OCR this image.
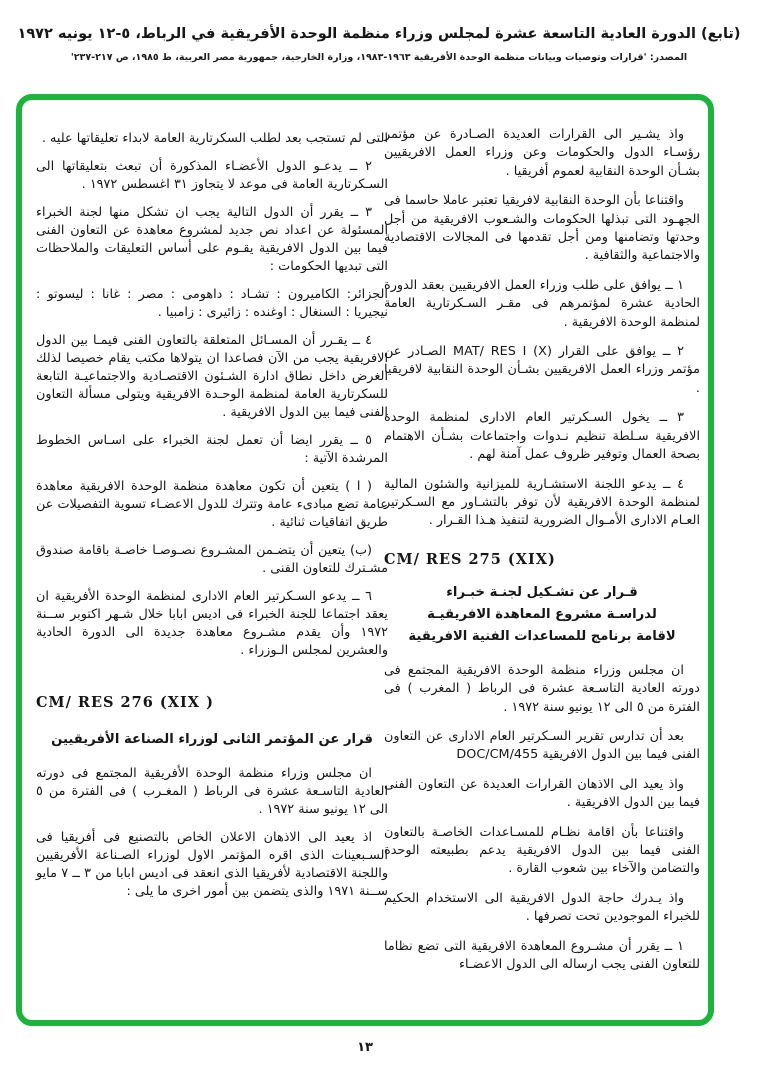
(تابع) الدورة العادية التاسعة عشرة لمجلس وزراء منظمة الوحدة الأفريقية في الرباط، ٥-١٢ يونيه ١٩٧٢
المصدر: 'قرارات وتوصيات وبيانات منظمة الوحدة الأفريقية ١٩٦٣-١٩٨٣، وزارة الخارجية، جمهورية مصر العربية، ط ١٩٨٥، ص ٢١٧-٢٣٧'

التى لم تستجب بعد لطلب السكرتارية العامة لابداء تعليقاتها عليه .

٢ ــ يدعـو الدول الأعضـاء المذكورة أن تبعث بتعليقاتها الى السـكرتارية العامة فى موعد لا يتجاوز ٣١ اغسطس ١٩٧٢ .

٣ ــ يقرر أن الدول التالية يجب ان تشكل منها لجنة الخبراء المسئولة عن اعداد نص جديد لمشروع معاهدة عن التعاون الفنى فيما بين الدول الافريقية يقـوم على أساس التعليقات والملاحظات التى تبديها الحكومات :

الجزائر: الكاميرون : تشـاد : داهومى : مصر : غانا : ليسوتو : نيجيريا : السنغال : اوغنده : زائيرى : زامبيا .

٤ ــ يقـرر أن المسـائل المتعلقة بالتعاون الفنى فيمـا بين الدول الافريقية يجب من الآن فصاعدا ان يتولاها مكتب يقام خصيصا لذلك الغرض داخل نطاق ادارة الشـئون الاقتصـادية والاجتماعيـة التابعة للسكرتارية العامة لمنظمة الوحـدة الافريقية ويتولى مسألة التعاون الفنى فيما بين الدول الافريقية .

٥ ــ يقرر ايضا أن تعمل لجنة الخبراء على اسـاس الخطوط المرشدة الآتية :

( ا ) يتعين أن تكون معاهدة منظمة الوحدة الافريقية معاهدة عامة تضع مبادىء عامة وتترك للدول الاعضـاء تسوية التفصيلات عن طريق اتفاقيات ثنائية .

(ب) يتعين أن يتضـمن المشـروع نصـوصـا خاصـة باقامة صندوق مشـترك للتعاون الفنى .

٦ ــ يدعو السـكرتير العام الادارى لمنظمة الوحدة الأفريقية ان يعقد اجتماعا للجنة الخبراء فى اديس ابابا خلال شـهر اكتوبر ســنة ١٩٧٢ وأن يقدم مشـروع معاهدة جديدة الى الدورة الحادية والعشرين لمجلس الـوزراء .

CM/ RES 276 (XIX )

قرار عن المؤتمر الثانى لوزراء الصناعة الأفريقيين

ان مجلس وزراء منظمة الوحدة الأفريقية المجتمع فى دورته العادية التاسـعة عشرة فى الرباط ( المغـرب ) فى الفترة من ٥ الى ١٢ يونيو سنة ١٩٧٢ .

اذ يعيد الى الاذهان الاعلان الخاص بالتصنيع فى أفريقيا فى السـبعينات الذى اقره المؤتمر الاول لوزراء الصـناعة الأفريقيين واللجنة الاقتصادية لأفريقيا الذى انعقد فى اديس ابابا من ٣ ــ ٧ مايو ســنة ١٩٧١ والذى يتضمن بين أمور اخرى ما يلى :

واذ يشـير الى القرارات العديدة الصـادرة عن مؤتمر رؤسـاء الدول والحكومات وعن وزراء العمل الافريقيين بشـأن الوحدة النقابية لعموم أفريقيا .

واقتناعا بأن الوحدة النقابية لافريقيا تعتبر عاملا حاسما فى الجهـود التى تبذلها الحكومات والشـعوب الافريقية من أجل وحدتها وتضامنها ومن أجل تقدمها فى المجالات الاقتصادية والاجتماعية والثقافية .

١ ــ يوافق على طلب وزراء العمل الافريقيين بعقد الدورة الحادية عشرة لمؤتمرهم فى مقـر السـكرتارية العامة لمنظمة الوحدة الافريقية .

٢ ــ يوافق على القرار MAT/ RES I (X) الصـادر عن مؤتمر وزراء العمل الافريقيين بشـأن الوحدة النقابية لافريقيا .

٣ ــ يخول السـكرتير العام الادارى لمنظمة الوحدة الافريقية سـلطة تنظيم نـدوات واجتماعات بشـأن الاهتمام بصحة العمال وتوفير ظروف عمل آمنة لهم .

٤ ــ يدعو اللجنة الاستشـارية للميزانية والشئون المالية لمنظمة الوحدة الافريقية لأن توفر بالتشـاور مع السـكرتير العـام الادارى الأمـوال الضرورية لتنفيذ هـذا القـرار .

CM/ RES 275 (XIX)

قـرار عن تشـكيل لجنـة خبـراء
لدراسـة مشروع المعاهدة الافريقيـة
لاقامة برنامج للمساعدات الفنية الافريقية

ان مجلس وزراء منظمة الوحدة الافريقية المجتمع فى دورته العادية التاسـعة عشرة فى الرباط ( المغرب ) فى الفترة من ٥ الى ١٢ يونيو سنة ١٩٧٢ .

بعد أن تدارس تقرير السـكرتير العام الادارى عن التعاون الفنى فيما بين الدول الافريقية DOC/CM/455

واذ يعيد الى الاذهان القرارات العديدة عن التعاون الفنى فيما بين الدول الافريقية .

واقتناعا بأن اقامة نظـام للمسـاعدات الخاصـة بالتعاون الفنى فيما بين الدول الافريقية يدعم بطبيعته الوحدة والتضامن والآخاء بين شعوب القارة .

واذ يـدرك حاجة الدول الافريقية الى الاستخدام الحكيم للخبراء الموجودين تحت تصرفها .

١ ــ يقرر أن مشـروع المعاهدة الافريقية التى تضع نظاما للتعاون الفنى يجب ارساله الى الدول الاعضـاء

١٣
